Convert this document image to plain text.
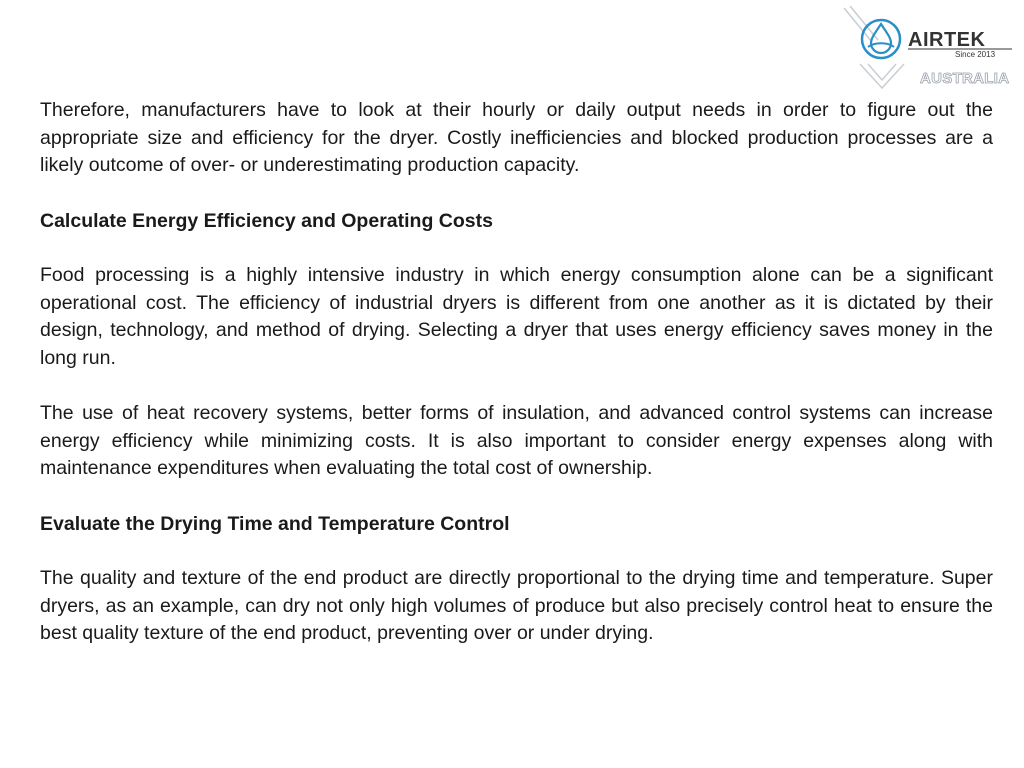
AIRTEK
Since 2013
AUSTRALIA

Therefore, manufacturers have to look at their hourly or daily output needs in order to figure out the appropriate size and efficiency for the dryer. Costly inefficiencies and blocked production processes are a likely outcome of over- or underestimating production capacity.

Calculate Energy Efficiency and Operating Costs

Food processing is a highly intensive industry in which energy consumption alone can be a significant operational cost. The efficiency of industrial dryers is different from one another as it is dictated by their design, technology, and method of drying. Selecting a dryer that uses energy efficiency saves money in the long run.

The use of heat recovery systems, better forms of insulation, and advanced control systems can increase energy efficiency while minimizing costs. It is also important to consider energy expenses along with maintenance expenditures when evaluating the total cost of ownership.

Evaluate the Drying Time and Temperature Control

The quality and texture of the end product are directly proportional to the drying time and temperature. Super dryers, as an example, can dry not only high volumes of produce but also precisely control heat to ensure the best quality texture of the end product, preventing over or under drying.
